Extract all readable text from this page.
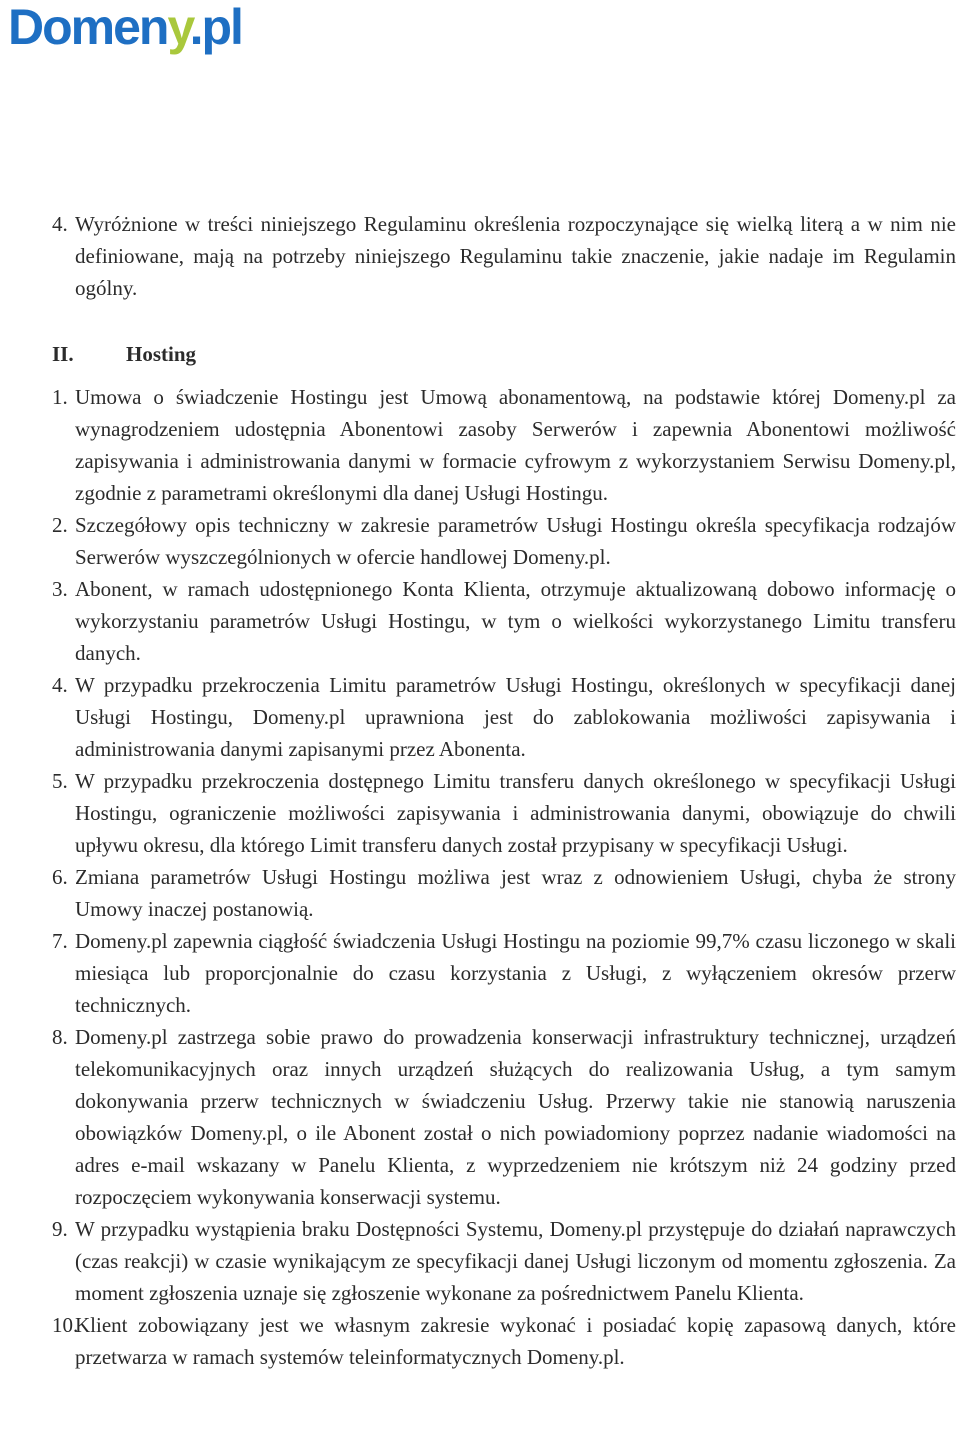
Domeny.pl

4. Wyróżnione w treści niniejszego Regulaminu określenia rozpoczynające się wielką literą a w nim nie definiowane, mają na potrzeby niniejszego Regulaminu takie znaczenie, jakie nadaje im Regulamin ogólny.

II. Hosting

1. Umowa o świadczenie Hostingu jest Umową abonamentową, na podstawie której Domeny.pl za wynagrodzeniem udostępnia Abonentowi zasoby Serwerów i zapewnia Abonentowi możliwość zapisywania i administrowania danymi w formacie cyfrowym z wykorzystaniem Serwisu Domeny.pl, zgodnie z parametrami określonymi dla danej Usługi Hostingu.

2. Szczegółowy opis techniczny w zakresie parametrów Usługi Hostingu określa specyfikacja rodzajów Serwerów wyszczególnionych w ofercie handlowej Domeny.pl.

3. Abonent, w ramach udostępnionego Konta Klienta, otrzymuje aktualizowaną dobowo informację o wykorzystaniu parametrów Usługi Hostingu, w tym o wielkości wykorzystanego Limitu transferu danych.

4. W przypadku przekroczenia Limitu parametrów Usługi Hostingu, określonych w specyfikacji danej Usługi Hostingu, Domeny.pl uprawniona jest do zablokowania możliwości zapisywania i administrowania danymi zapisanymi przez Abonenta.

5. W przypadku przekroczenia dostępnego Limitu transferu danych określonego w specyfikacji Usługi Hostingu, ograniczenie możliwości zapisywania i administrowania danymi, obowiązuje do chwili upływu okresu, dla którego Limit transferu danych został przypisany w specyfikacji Usługi.

6. Zmiana parametrów Usługi Hostingu możliwa jest wraz z odnowieniem Usługi, chyba że strony Umowy inaczej postanowią.

7. Domeny.pl zapewnia ciągłość świadczenia Usługi Hostingu na poziomie 99,7% czasu liczonego w skali miesiąca lub proporcjonalnie do czasu korzystania z Usługi, z wyłączeniem okresów przerw technicznych.

8. Domeny.pl zastrzega sobie prawo do prowadzenia konserwacji infrastruktury technicznej, urządzeń telekomunikacyjnych oraz innych urządzeń służących do realizowania Usług, a tym samym dokonywania przerw technicznych w świadczeniu Usług. Przerwy takie nie stanowią naruszenia obowiązków Domeny.pl, o ile Abonent został o nich powiadomiony poprzez nadanie wiadomości na adres e-mail wskazany w Panelu Klienta, z wyprzedzeniem nie krótszym niż 24 godziny przed rozpoczęciem wykonywania konserwacji systemu.

9. W przypadku wystąpienia braku Dostępności Systemu, Domeny.pl przystępuje do działań naprawczych (czas reakcji) w czasie wynikającym ze specyfikacji danej Usługi liczonym od momentu zgłoszenia. Za moment zgłoszenia uznaje się zgłoszenie wykonane za pośrednictwem Panelu Klienta.

10.
Klient zobowiązany jest we własnym zakresie wykonać i posiadać kopię zapasową danych, które przetwarza w ramach systemów teleinformatycznych Domeny.pl.
